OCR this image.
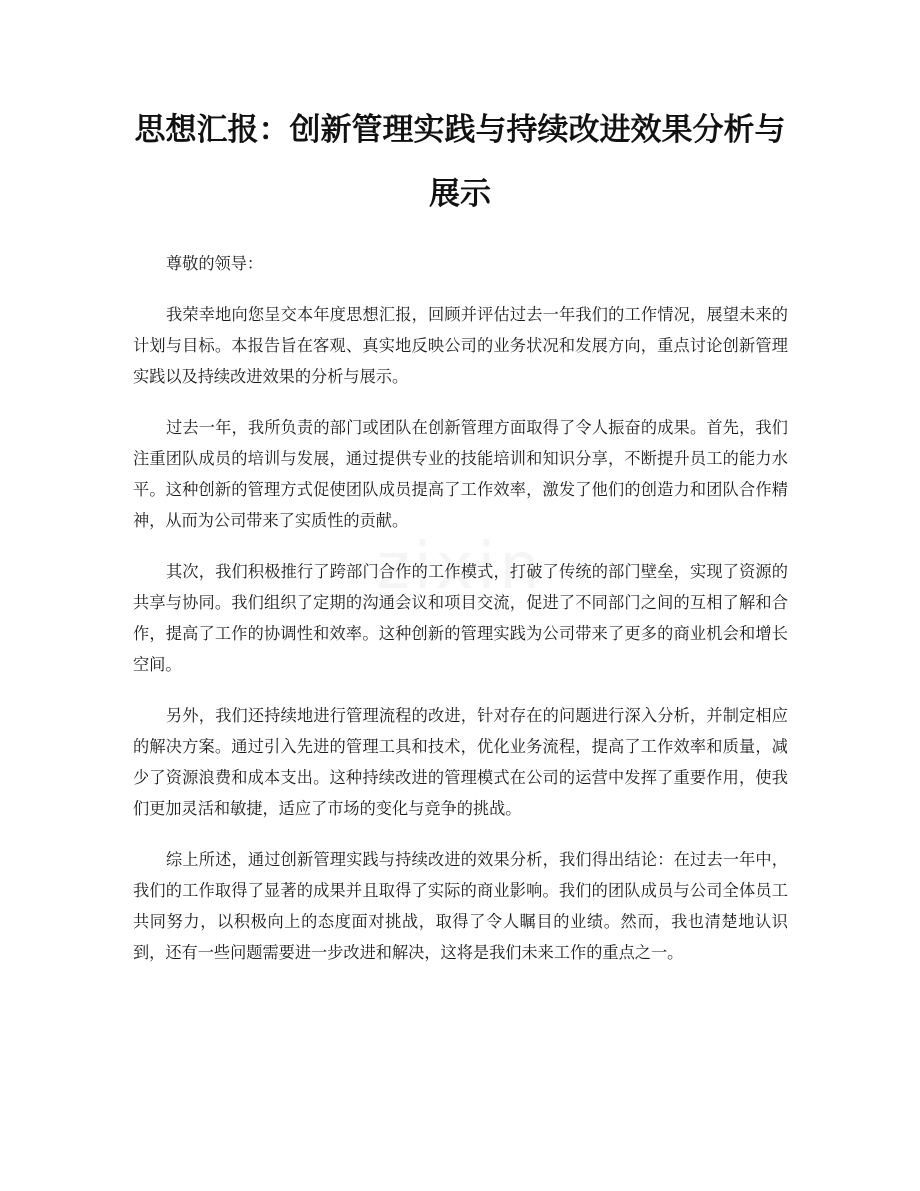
思想汇报：创新管理实践与持续改进效果分析与展示
zixin

尊敬的领导：

我荣幸地向您呈交本年度思想汇报，回顾并评估过去一年我们的工作情况，展望未来的计划与目标。本报告旨在客观、真实地反映公司的业务状况和发展方向，重点讨论创新管理实践以及持续改进效果的分析与展示。

过去一年，我所负责的部门或团队在创新管理方面取得了令人振奋的成果。首先，我们注重团队成员的培训与发展，通过提供专业的技能培训和知识分享，不断提升员工的能力水平。这种创新的管理方式促使团队成员提高了工作效率，激发了他们的创造力和团队合作精神，从而为公司带来了实质性的贡献。

其次，我们积极推行了跨部门合作的工作模式，打破了传统的部门壁垒，实现了资源的共享与协同。我们组织了定期的沟通会议和项目交流，促进了不同部门之间的互相了解和合作，提高了工作的协调性和效率。这种创新的管理实践为公司带来了更多的商业机会和增长空间。

另外，我们还持续地进行管理流程的改进，针对存在的问题进行深入分析，并制定相应的解决方案。通过引入先进的管理工具和技术，优化业务流程，提高了工作效率和质量，减少了资源浪费和成本支出。这种持续改进的管理模式在公司的运营中发挥了重要作用，使我们更加灵活和敏捷，适应了市场的变化与竞争的挑战。

综上所述，通过创新管理实践与持续改进的效果分析，我们得出结论：在过去一年中，我们的工作取得了显著的成果并且取得了实际的商业影响。我们的团队成员与公司全体员工共同努力，以积极向上的态度面对挑战，取得了令人瞩目的业绩。然而，我也清楚地认识到，还有一些问题需要进一步改进和解决，这将是我们未来工作的重点之一。
